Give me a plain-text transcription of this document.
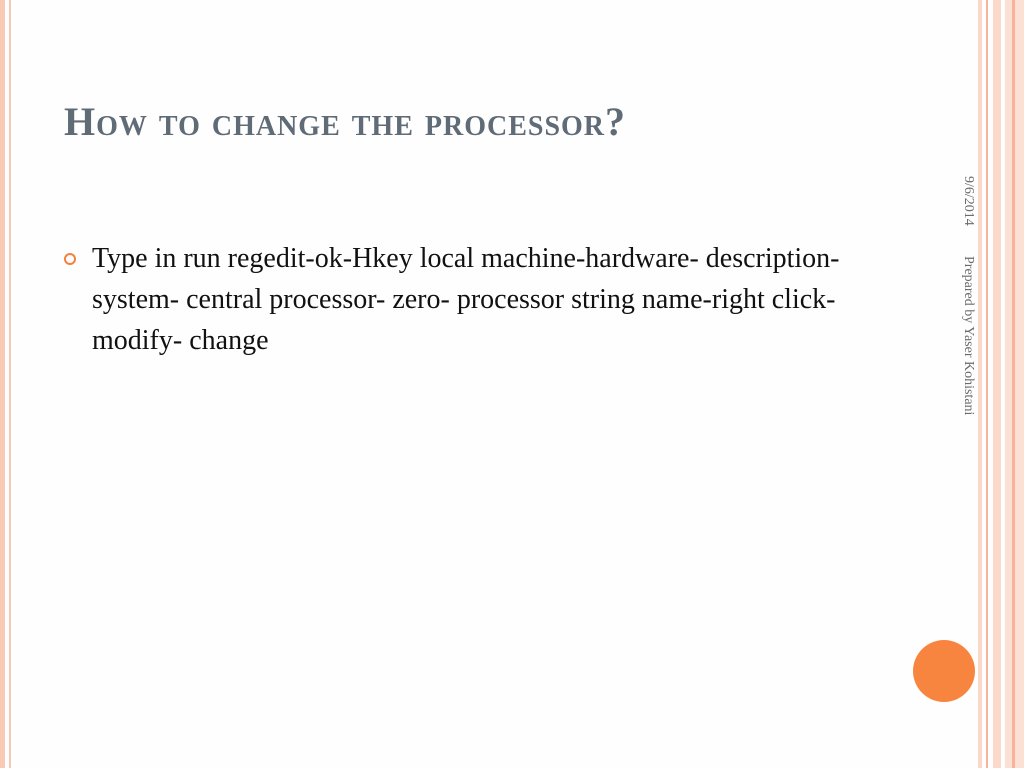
How to change the processor?
Type in run regedit-ok-Hkey local machine-hardware- description- system- central processor- zero- processor string name-right click- modify- change
9/6/2014Prepared by Yaser Kohistani
